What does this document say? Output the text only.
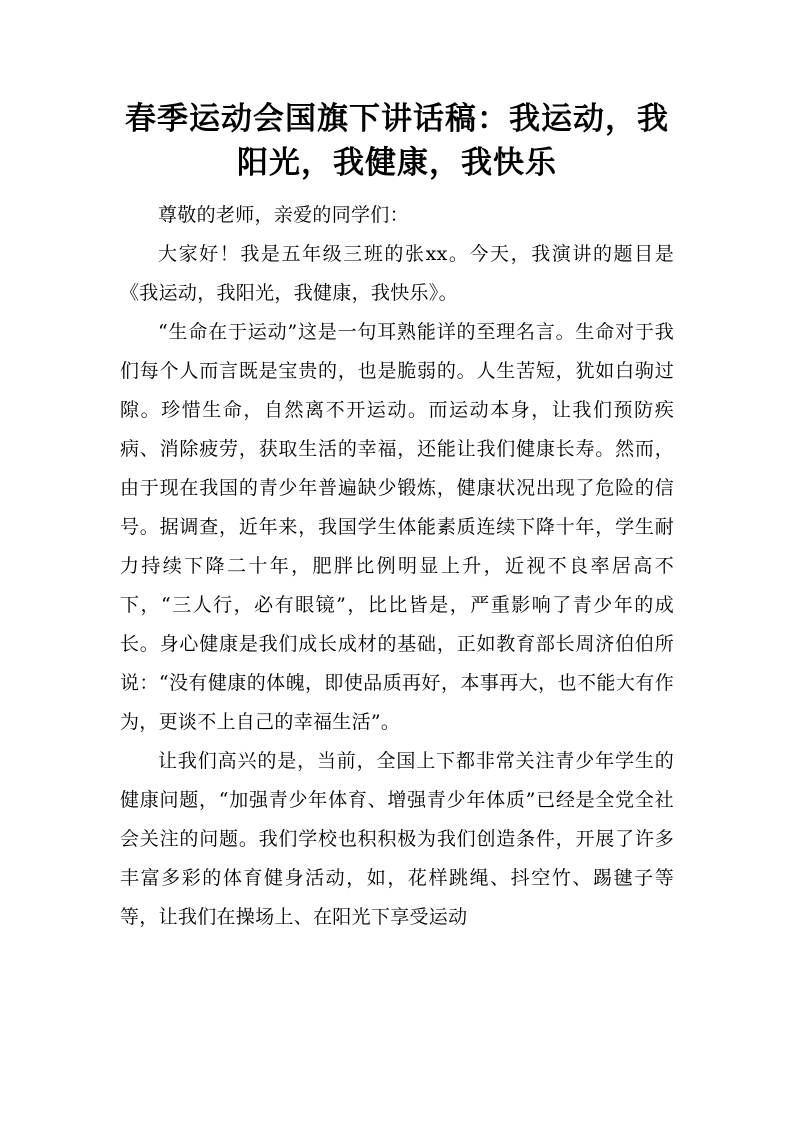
春季运动会国旗下讲话稿：我运动，我阳光，我健康，我快乐

尊敬的老师，亲爱的同学们：

大家好！我是五年级三班的张xx。今天，我演讲的题目是《我运动，我阳光，我健康，我快乐》。

“生命在于运动”这是一句耳熟能详的至理名言。生命对于我们每个人而言既是宝贵的，也是脆弱的。人生苦短，犹如白驹过隙。珍惜生命，自然离不开运动。而运动本身，让我们预防疾病、消除疲劳，获取生活的幸福，还能让我们健康长寿。然而，由于现在我国的青少年普遍缺少锻炼，健康状况出现了危险的信号。据调查，近年来，我国学生体能素质连续下降十年，学生耐力持续下降二十年，肥胖比例明显上升，近视不良率居高不下，“三人行，必有眼镜”，比比皆是，严重影响了青少年的成长。身心健康是我们成长成材的基础，正如教育部长周济伯伯所说：“没有健康的体魄，即使品质再好，本事再大，也不能大有作为，更谈不上自己的幸福生活”。

让我们高兴的是，当前，全国上下都非常关注青少年学生的健康问题，“加强青少年体育、增强青少年体质”已经是全党全社会关注的问题。我们学校也积积极为我们创造条件，开展了许多丰富多彩的体育健身活动，如，花样跳绳、抖空竹、踢毽子等等，让我们在操场上、在阳光下享受运动
